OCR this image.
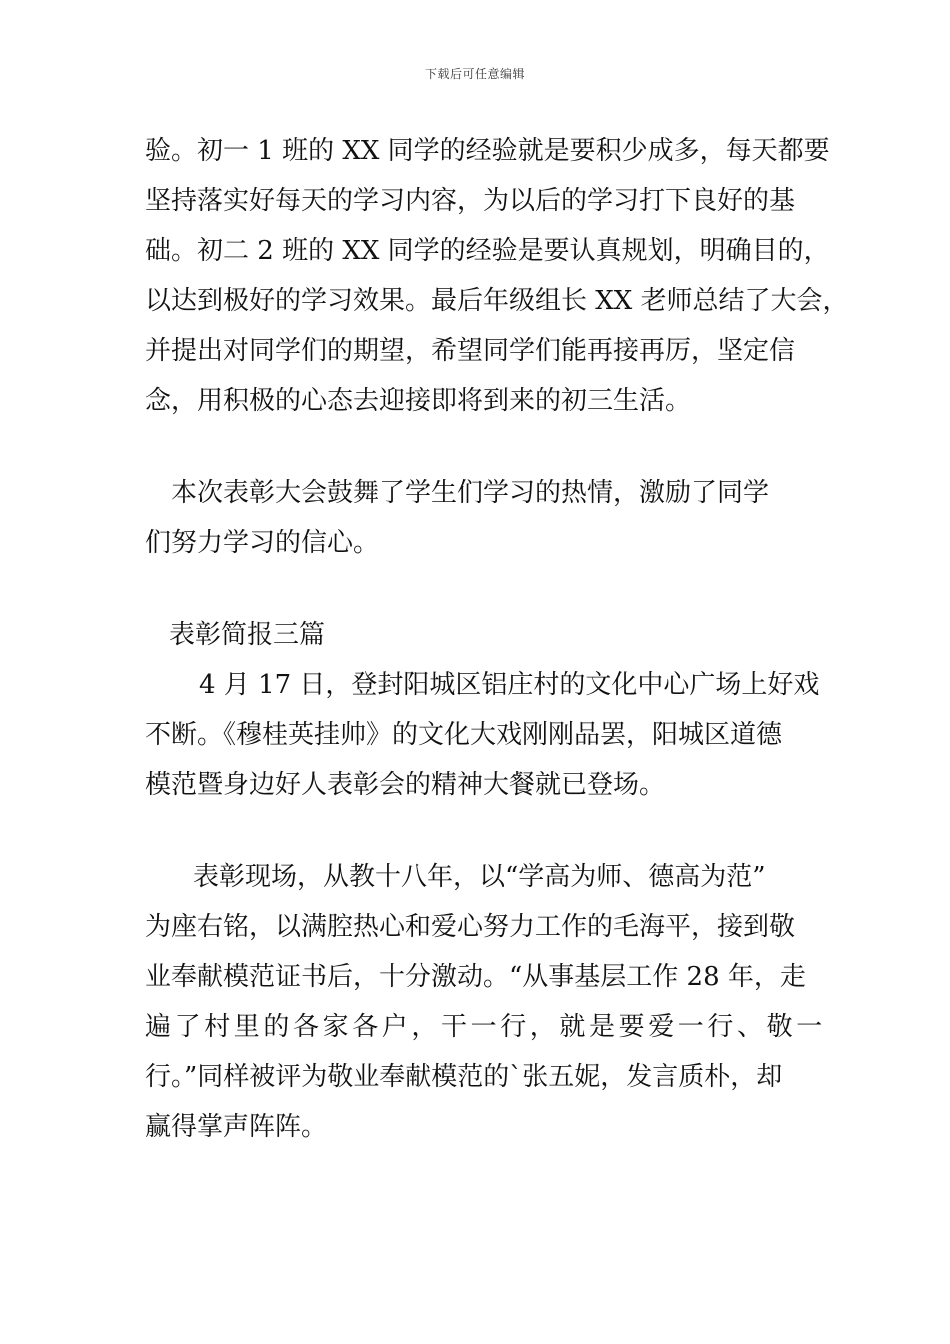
下载后可任意编辑
验。初一 1 班的 XX 同学的经验就是要积少成多，每天都要
坚持落实好每天的学习内容，为以后的学习打下良好的基
础。初二 2 班的 XX 同学的经验是要认真规划，明确目的，
以达到极好的学习效果。最后年级组长 XX 老师总结了大会，
并提出对同学们的期望，希望同学们能再接再厉，坚定信
念，用积极的心态去迎接即将到来的初三生活。
本次表彰大会鼓舞了学生们学习的热情，激励了同学
们努力学习的信心。
表彰简报三篇
4 月 17 日，登封阳城区铝庄村的文化中心广场上好戏
不断。《穆桂英挂帅》的文化大戏刚刚品罢，阳城区道德
模范暨身边好人表彰会的精神大餐就已登场。
表彰现场，从教十八年，以“学高为师、德高为范”
为座右铭，以满腔热心和爱心努力工作的毛海平，接到敬
业奉献模范证书后，十分激动。“从事基层工作 28 年，走
遍了村里的各家各户，干一行，就是要爱一行、敬一
行。”同样被评为敬业奉献模范的`张五妮，发言质朴，却
赢得掌声阵阵。
